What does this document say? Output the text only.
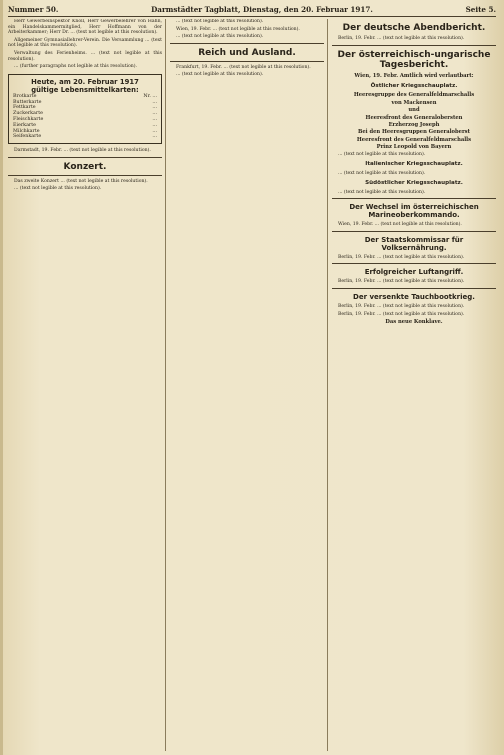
Nummer 50.	Darmstädter Tagblatt, Dienstag, den 20. Februar 1917.	Seite 5.

Herr Gewerbeinspektor Knoll, Herr Gewerbelehrer von Hahn, ein Handelskammermitglied, Herr Hoffmann von der Arbeiterkammer; Herr Dr. ... (text not legible at this resolution).

Allgemeiner Gymnasiallehrer-Verein. Die Versammlung ... (text not legible at this resolution).

Verwaltung des Ferienheims. ... (text not legible at this resolution).

... (further paragraphs not legible at this resolution).

Heute, am 20. Februar 1917
gültige Lebensmittelkarten:
Brotkarte	Nr. ...
Butterkarte	...
Fettkarte	...
Zuckerkarte	...
Fleischkarte	...
Eierkarte	...
Milchkarte	...
Seifenkarte	...

Darmstadt, 19. Febr. ... (text not legible at this resolution).

Konzert.

Das zweite Konzert ... (text not legible at this resolution).

... (text not legible at this resolution).

... (text not legible at this resolution).

Wien, 19. Febr. ... (text not legible at this resolution).

... (text not legible at this resolution).

Reich und Ausland.

Frankfurt, 19. Febr. ... (text not legible at this resolution).

... (text not legible at this resolution).

Der deutsche Abendbericht.

Berlin, 19. Febr. ... (text not legible at this resolution).

Der österreichisch-ungarische Tagesbericht.
Wien, 19. Febr. Amtlich wird verlautbart:
Östlicher Kriegsschauplatz.
Heeresgruppe des Generalfeldmarschalls
von Mackensen
und
Heeresfront des Generalobersten
Erzherzog Joseph
Bei den Heeresgruppen Generaloberst
Heeresfront des Generalfeldmarschalls
Prinz Leopold von Bayern

... (text not legible at this resolution).

Italienischer Kriegsschauplatz.

... (text not legible at this resolution).

Südöstlicher Kriegsschauplatz.

... (text not legible at this resolution).

Der Wechsel im österreichischen Marineoberkommando.

Wien, 19. Febr. ... (text not legible at this resolution).

Der Staatskommissar für Volksernährung.

Berlin, 19. Febr. ... (text not legible at this resolution).

Erfolgreicher Luftangriff.

Berlin, 19. Febr. ... (text not legible at this resolution).

Der versenkte Tauchbootkrieg.

Berlin, 19. Febr. ... (text not legible at this resolution).

Berlin, 19. Febr. ... (text not legible at this resolution).

Das neue Konklave.
